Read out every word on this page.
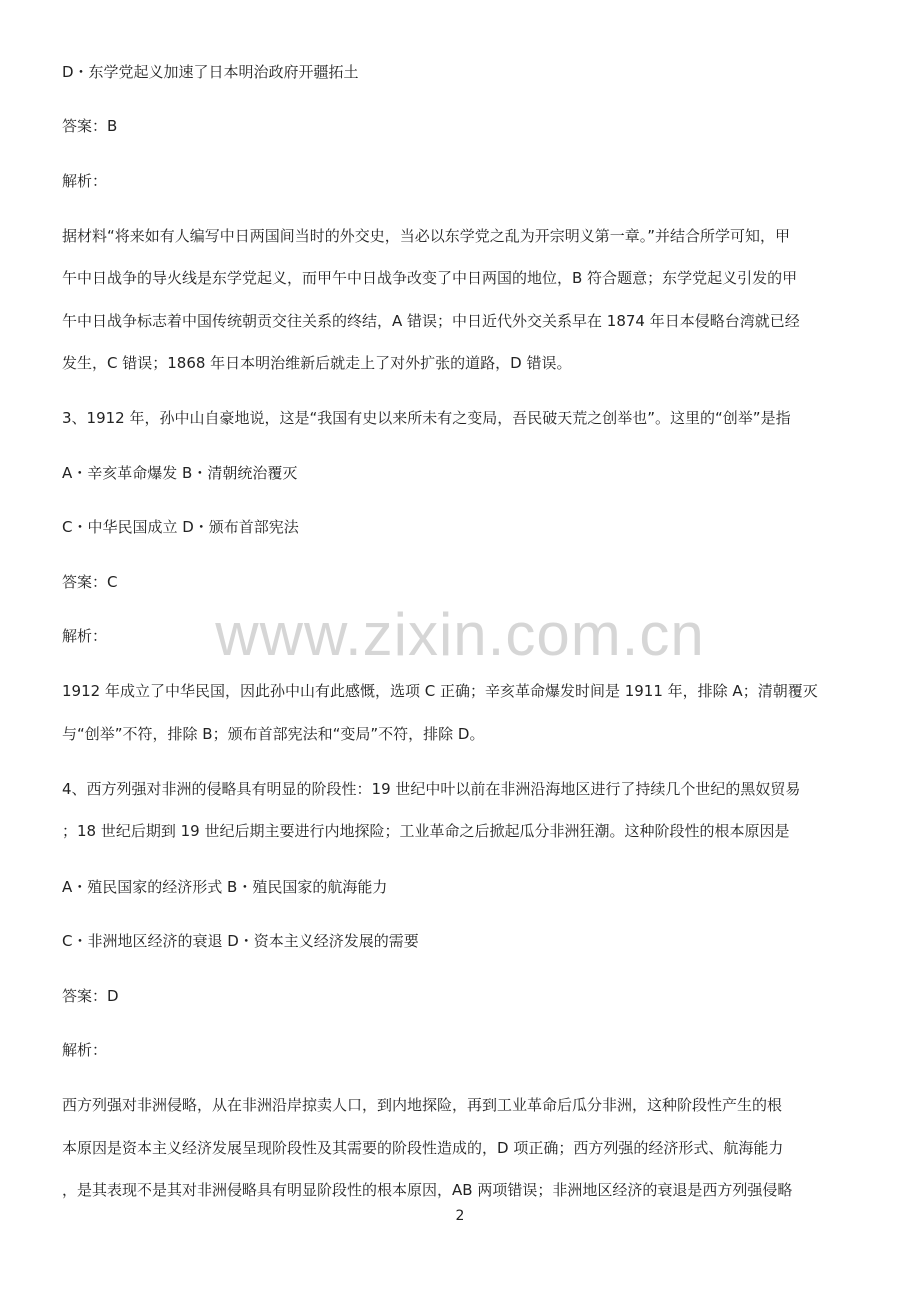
www.zixin.com.cn
D・东学党起义加速了日本明治政府开疆拓土
答案：B
解析：
据材料“将来如有人编写中日两国间当时的外交史，当必以东学党之乱为开宗明义第一章。”并结合所学可知，甲
午中日战争的导火线是东学党起义，而甲午中日战争改变了中日两国的地位，B 符合题意；东学党起义引发的甲
午中日战争标志着中国传统朝贡交往关系的终结，A 错误；中日近代外交关系早在 1874 年日本侵略台湾就已经
发生，C 错误；1868 年日本明治维新后就走上了对外扩张的道路，D 错误。
3、1912 年，孙中山自豪地说，这是“我国有史以来所未有之变局，吾民破天荒之创举也”。这里的“创举”是指
A・辛亥革命爆发 B・清朝统治覆灭
C・中华民国成立 D・颁布首部宪法
答案：C
解析：
1912 年成立了中华民国，因此孙中山有此感慨，选项 C 正确；辛亥革命爆发时间是 1911 年，排除 A；清朝覆灭
与“创举”不符，排除 B；颁布首部宪法和“变局”不符，排除 D。
4、西方列强对非洲的侵略具有明显的阶段性：19 世纪中叶以前在非洲沿海地区进行了持续几个世纪的黑奴贸易
；18 世纪后期到 19 世纪后期主要进行内地探险；工业革命之后掀起瓜分非洲狂潮。这种阶段性的根本原因是
A・殖民国家的经济形式 B・殖民国家的航海能力
C・非洲地区经济的衰退 D・资本主义经济发展的需要
答案：D
解析：
西方列强对非洲侵略，从在非洲沿岸掠卖人口，到内地探险，再到工业革命后瓜分非洲，这种阶段性产生的根
本原因是资本主义经济发展呈现阶段性及其需要的阶段性造成的，D 项正确；西方列强的经济形式、航海能力
，是其表现不是其对非洲侵略具有明显阶段性的根本原因，AB 两项错误；非洲地区经济的衰退是西方列强侵略
2
